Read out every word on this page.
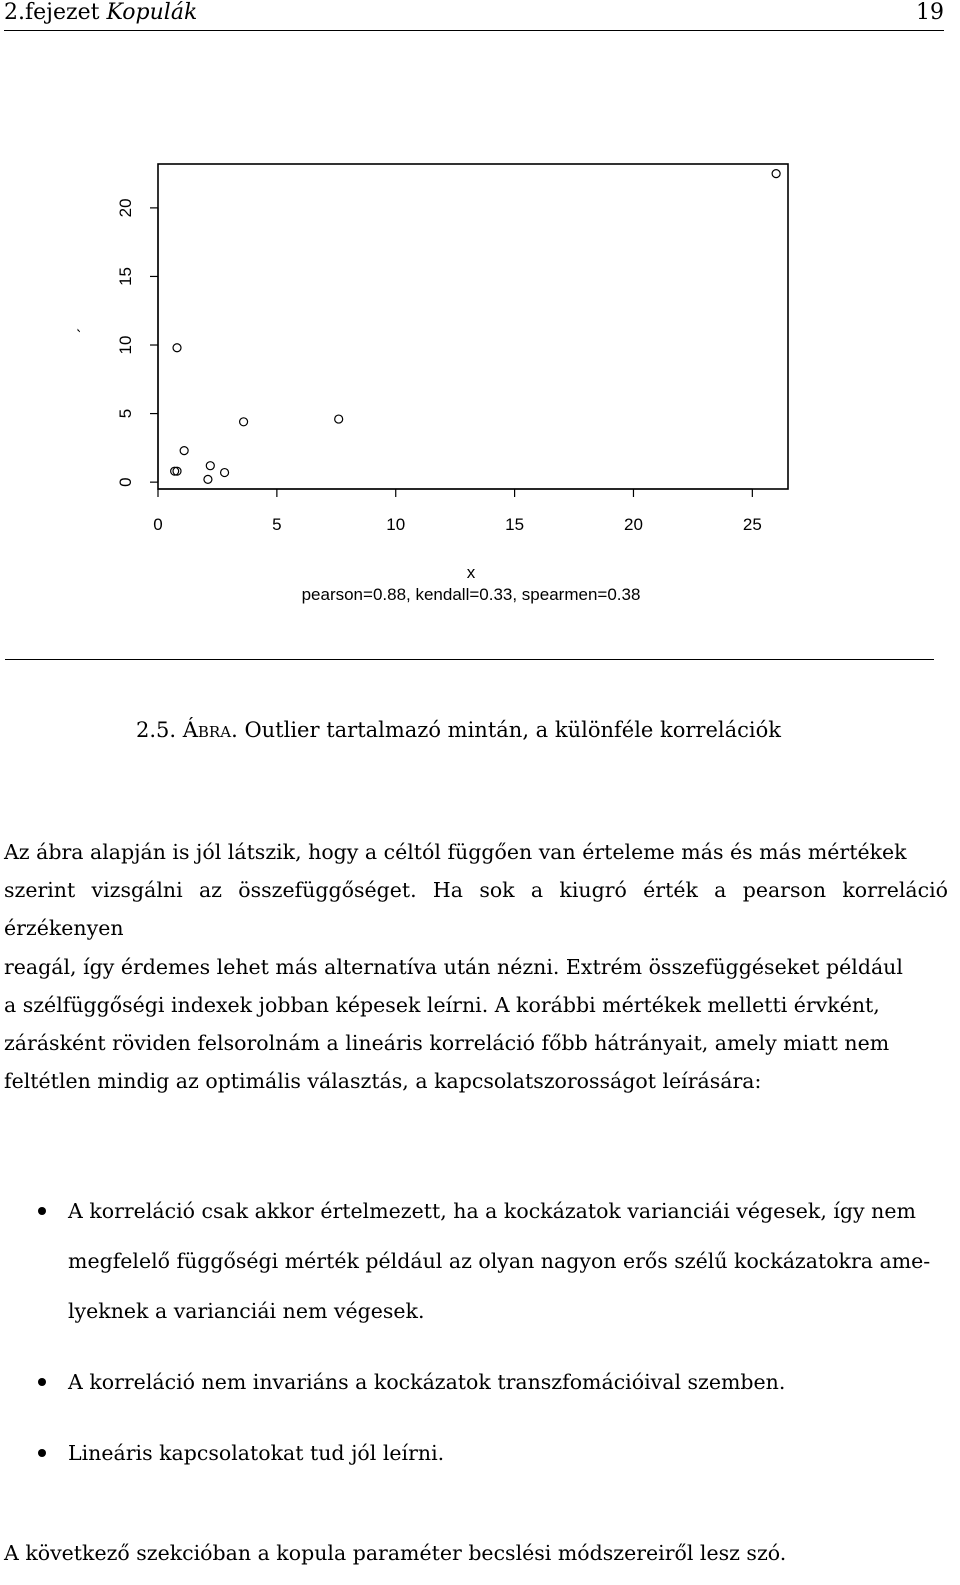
2.fejezet Kopulák	19
0	5	10	15	20	25
0
5
10
15
20
x
´
pearson=0.88, kendall=0.33, spearmen=0.38
2.5. Ábra. Outlier tartalmazó mintán, a különféle korrelációk
Az ábra alapján is jól látszik, hogy a céltól függően van érteleme más és más mértékek
szerint vizsgálni az összefüggőséget. Ha sok a kiugró érték a pearson korreláció érzékenyen
reagál, így érdemes lehet más alternatíva után nézni. Extrém összefüggéseket például
a szélfüggőségi indexek jobban képesek leírni. A korábbi mértékek melletti érvként,
zárásként röviden felsorolnám a lineáris korreláció főbb hátrányait, amely miatt nem
feltétlen mindig az optimális választás, a kapcsolatszorosságot leírására:
A korreláció csak akkor értelmezett, ha a kockázatok varianciái végesek, így nem
megfelelő függőségi mérték például az olyan nagyon erős szélű kockázatokra ame-
lyeknek a varianciái nem végesek.
A korreláció nem invariáns a kockázatok transzfomációival szemben.
Lineáris kapcsolatokat tud jól leírni.
A következő szekcióban a kopula paraméter becslési módszereiről lesz szó.
